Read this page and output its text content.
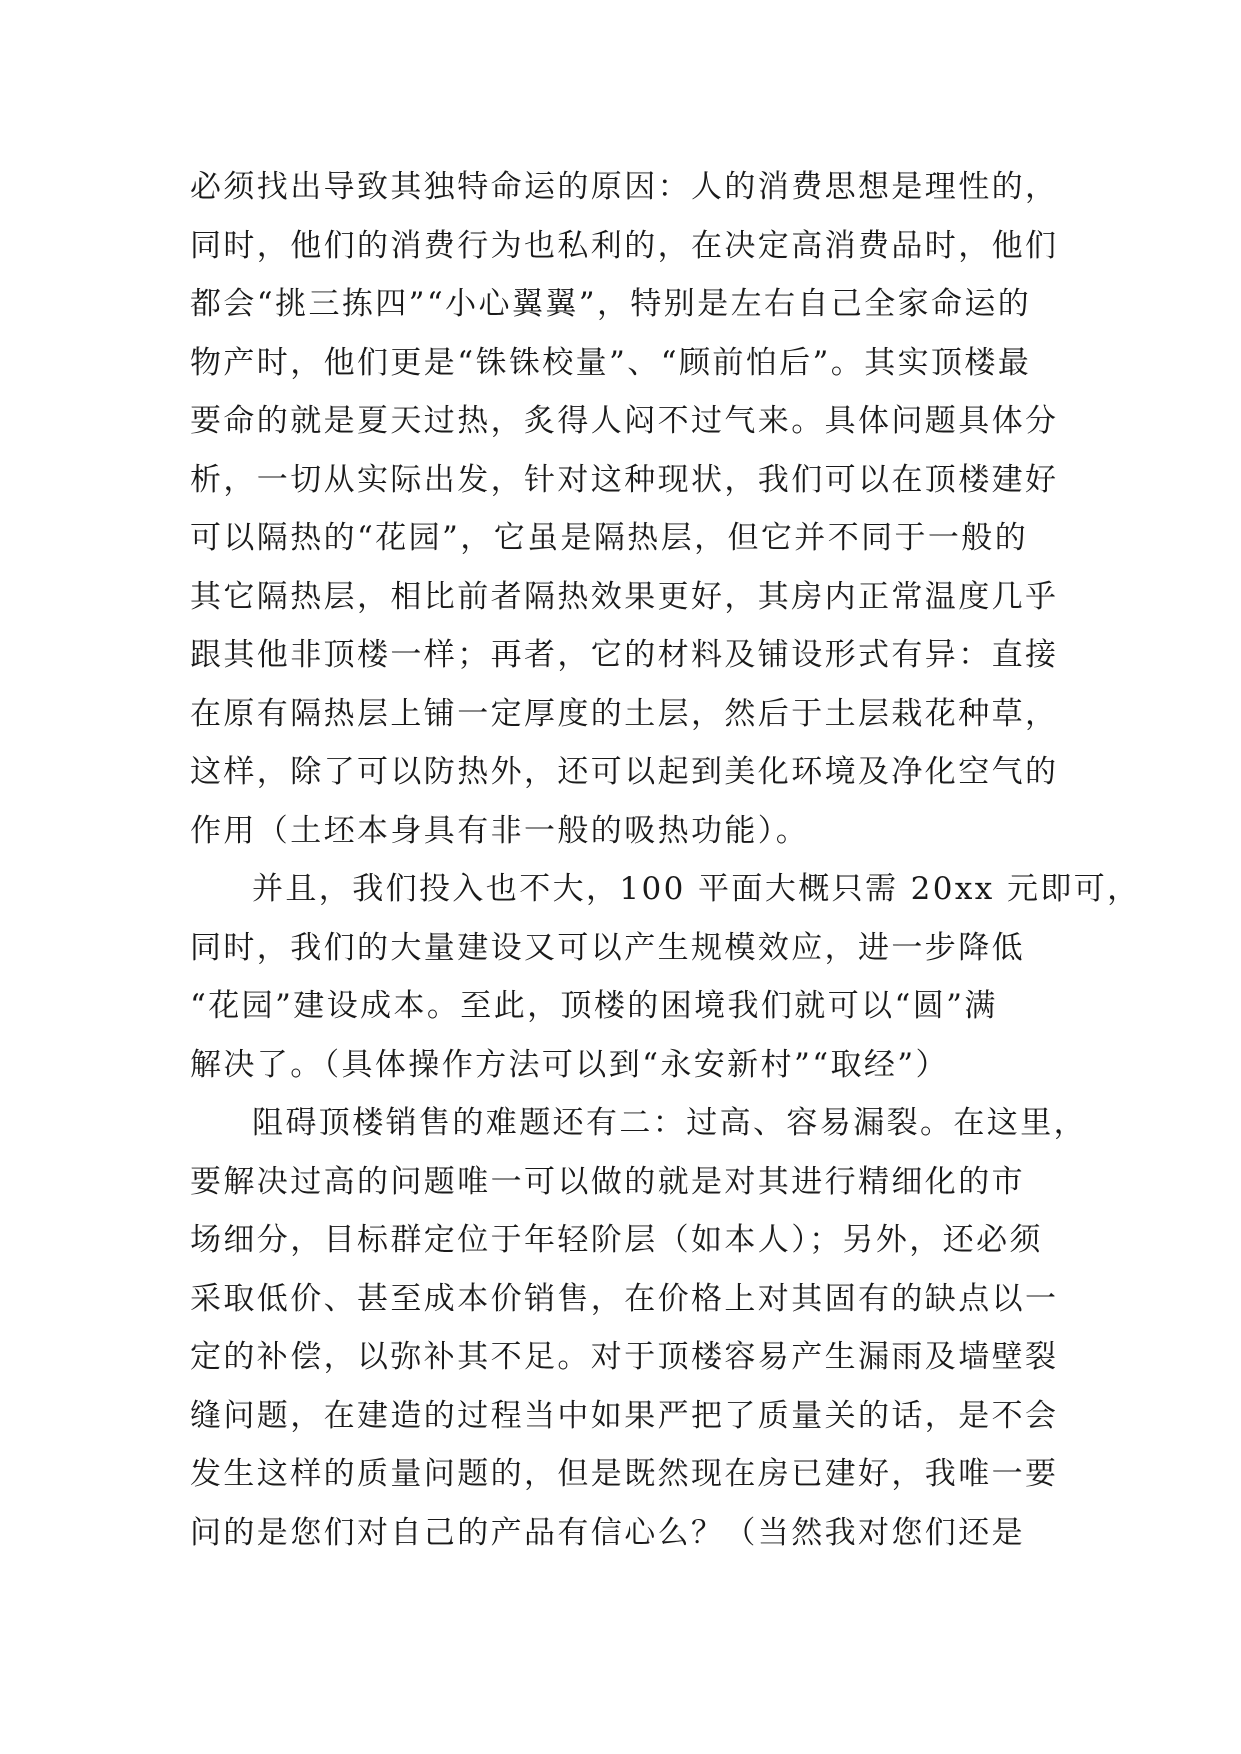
必须找出导致其独特命运的原因：人的消费思想是理性的，
同时，他们的消费行为也私利的，在决定高消费品时，他们
都会“挑三拣四”“小心翼翼”，特别是左右自己全家命运的
物产时，他们更是“铢铢校量”、“顾前怕后”。其实顶楼最
要命的就是夏天过热，炙得人闷不过气来。具体问题具体分
析，一切从实际出发，针对这种现状，我们可以在顶楼建好
可以隔热的“花园”，它虽是隔热层，但它并不同于一般的
其它隔热层，相比前者隔热效果更好，其房内正常温度几乎
跟其他非顶楼一样；再者，它的材料及铺设形式有异：直接
在原有隔热层上铺一定厚度的土层，然后于土层栽花种草，
这样，除了可以防热外，还可以起到美化环境及净化空气的
作用（土坯本身具有非一般的吸热功能）。
并且，我们投入也不大，100 平面大概只需 20xx 元即可，
同时，我们的大量建设又可以产生规模效应，进一步降低
“花园”建设成本。至此，顶楼的困境我们就可以“圆”满
解决了。（具体操作方法可以到“永安新村”“取经”）
阻碍顶楼销售的难题还有二：过高、容易漏裂。在这里，
要解决过高的问题唯一可以做的就是对其进行精细化的市
场细分，目标群定位于年轻阶层（如本人）；另外，还必须
采取低价、甚至成本价销售，在价格上对其固有的缺点以一
定的补偿，以弥补其不足。对于顶楼容易产生漏雨及墙壁裂
缝问题，在建造的过程当中如果严把了质量关的话，是不会
发生这样的质量问题的，但是既然现在房已建好，我唯一要
问的是您们对自己的产品有信心么？（当然我对您们还是
